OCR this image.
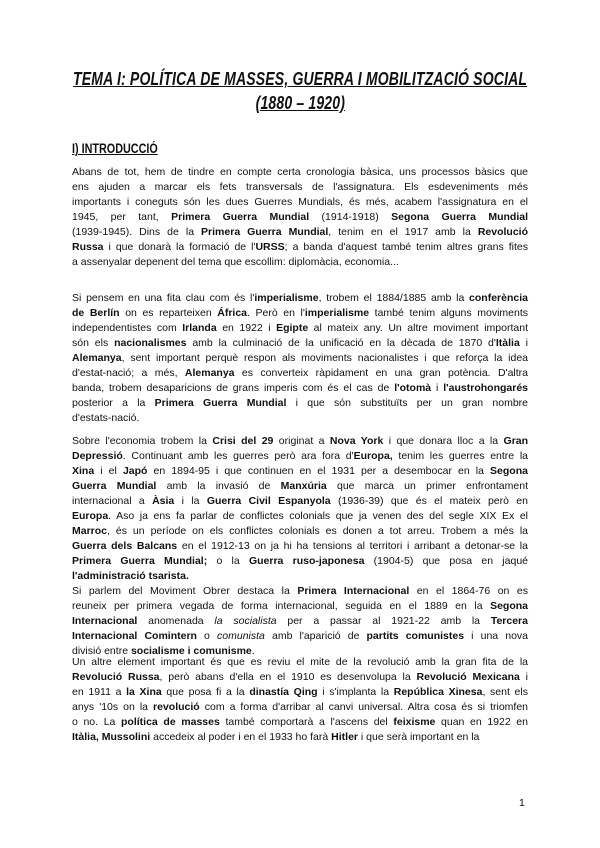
TEMA I: POLÍTICA DE MASSES, GUERRA I MOBILITZACIÓ SOCIAL
(1880 – 1920)
I) INTRODUCCIÓ
Abans de tot, hem de tindre en compte certa cronologia bàsica, uns processos bàsics que
ens ajuden a marcar els fets transversals de l'assignatura. Els esdeveniments més
importants i coneguts són les dues Guerres Mundials, és més, acabem l'assignatura en el
1945, per tant, Primera Guerra Mundial (1914-1918) Segona Guerra Mundial
(1939-1945). Dins de la Primera Guerra Mundial, tenim en el 1917 amb la Revolució
Russa i que donarà la formació de l'URSS; a banda d'aquest també tenim altres grans fites
a assenyalar depenent del tema que escollim: diplomàcia, economia...
Si pensem en una fita clau com és l'imperialisme, trobem el 1884/1885 amb la conferència
de Berlín on es reparteixen África. Però en l'imperialisme també tenim alguns moviments
independentistes com Irlanda en 1922 i Egipte al mateix any. Un altre moviment important
són els nacionalismes amb la culminació de la unificació en la dècada de 1870 d'Itàlia i
Alemanya, sent important perquè respon als moviments nacionalistes i que reforça la idea
d'estat-nació; a més, Alemanya es converteix ràpidament en una gran potència. D'altra
banda, trobem desaparicions de grans imperis com és el cas de l'otomà i l'austrohongarés
posterior a la Primera Guerra Mundial i que són substituïts per un gran nombre
d'estats-nació.
Sobre l'economia trobem la Crisi del 29 originat a Nova York i que donara lloc a la Gran
Depressió. Continuant amb les guerres però ara fora d'Europa, tenim les guerres entre la
Xina i el Japó en 1894-95 i que continuen en el 1931 per a desembocar en la Segona
Guerra Mundial amb la invasió de Manxúria que marca un primer enfrontament
internacional a Àsia i la Guerra Civil Espanyola (1936-39) que és el mateix però en
Europa. Aso ja ens fa parlar de conflictes colonials que ja venen des del segle XIX Ex el
Marroc, és un període on els conflictes colonials es donen a tot arreu. Trobem a més la
Guerra dels Balcans en el 1912-13 on ja hi ha tensions al territori i arribant a detonar-se la
Primera Guerra Mundial; o la Guerra ruso-japonesa (1904-5) que posa en jaqué
l'administració tsarista.
Si parlem del Moviment Obrer destaca la Primera Internacional en el 1864-76 on es
reuneix per primera vegada de forma internacional, seguida en el 1889 en la Segona
Internacional anomenada la socialista per a passar al 1921-22 amb la Tercera
Internacional Comintern o comunista amb l'aparició de partits comunistes i una nova
divisió entre socialisme i comunisme.
Un altre element important és que es reviu el mite de la revolució amb la gran fita de la
Revolució Russa, però abans d'ella en el 1910 es desenvolupa la Revolució Mexicana i
en 1911 a la Xina que posa fi a la dinastía Qing i s'implanta la República Xinesa, sent els
anys '10s on la revolució com a forma d'arribar al canvi universal. Altra cosa és si triomfen
o no. La política de masses també comportarà a l'ascens del feixisme quan en 1922 en
Itàlia, Mussolini accedeix al poder i en el 1933 ho farà Hitler i que serà important en la
1
